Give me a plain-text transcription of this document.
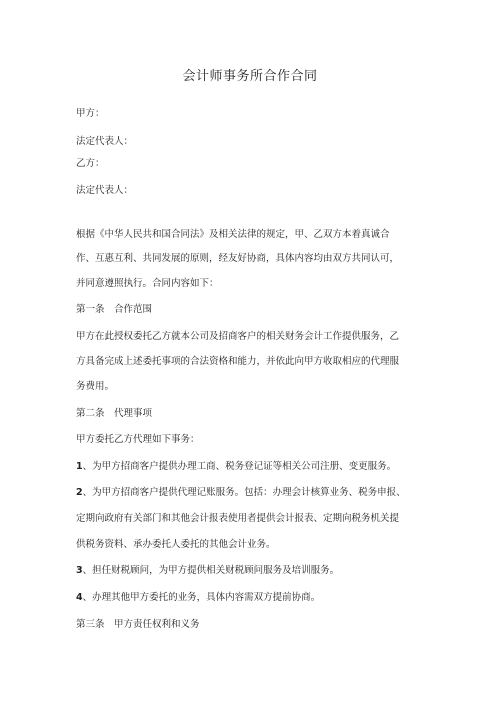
会计师事务所合作合同
甲方：
法定代表人：
乙方：
法定代表人：
根据《中华人民共和国合同法》及相关法律的规定，甲、乙双方本着真诚合
作、互惠互利、共同发展的原则，经友好协商，具体内容均由双方共同认可，
并同意遵照执行。合同内容如下：
第一条　合作范围
甲方在此授权委托乙方就本公司及招商客户的相关财务会计工作提供服务，乙
方具备完成上述委托事项的合法资格和能力，并依此向甲方收取相应的代理服
务费用。
第二条　代理事项
甲方委托乙方代理如下事务：
1、为甲方招商客户提供办理工商、税务登记证等相关公司注册、变更服务。
2、为甲方招商客户提供代理记账服务。包括：办理会计核算业务、税务申报、
定期向政府有关部门和其他会计报表使用者提供会计报表、定期向税务机关提
供税务资料、承办委托人委托的其他会计业务。
3、担任财税顾问，为甲方提供相关财税顾问服务及培训服务。
4、办理其他甲方委托的业务，具体内容需双方提前协商。
第三条　甲方责任权利和义务
